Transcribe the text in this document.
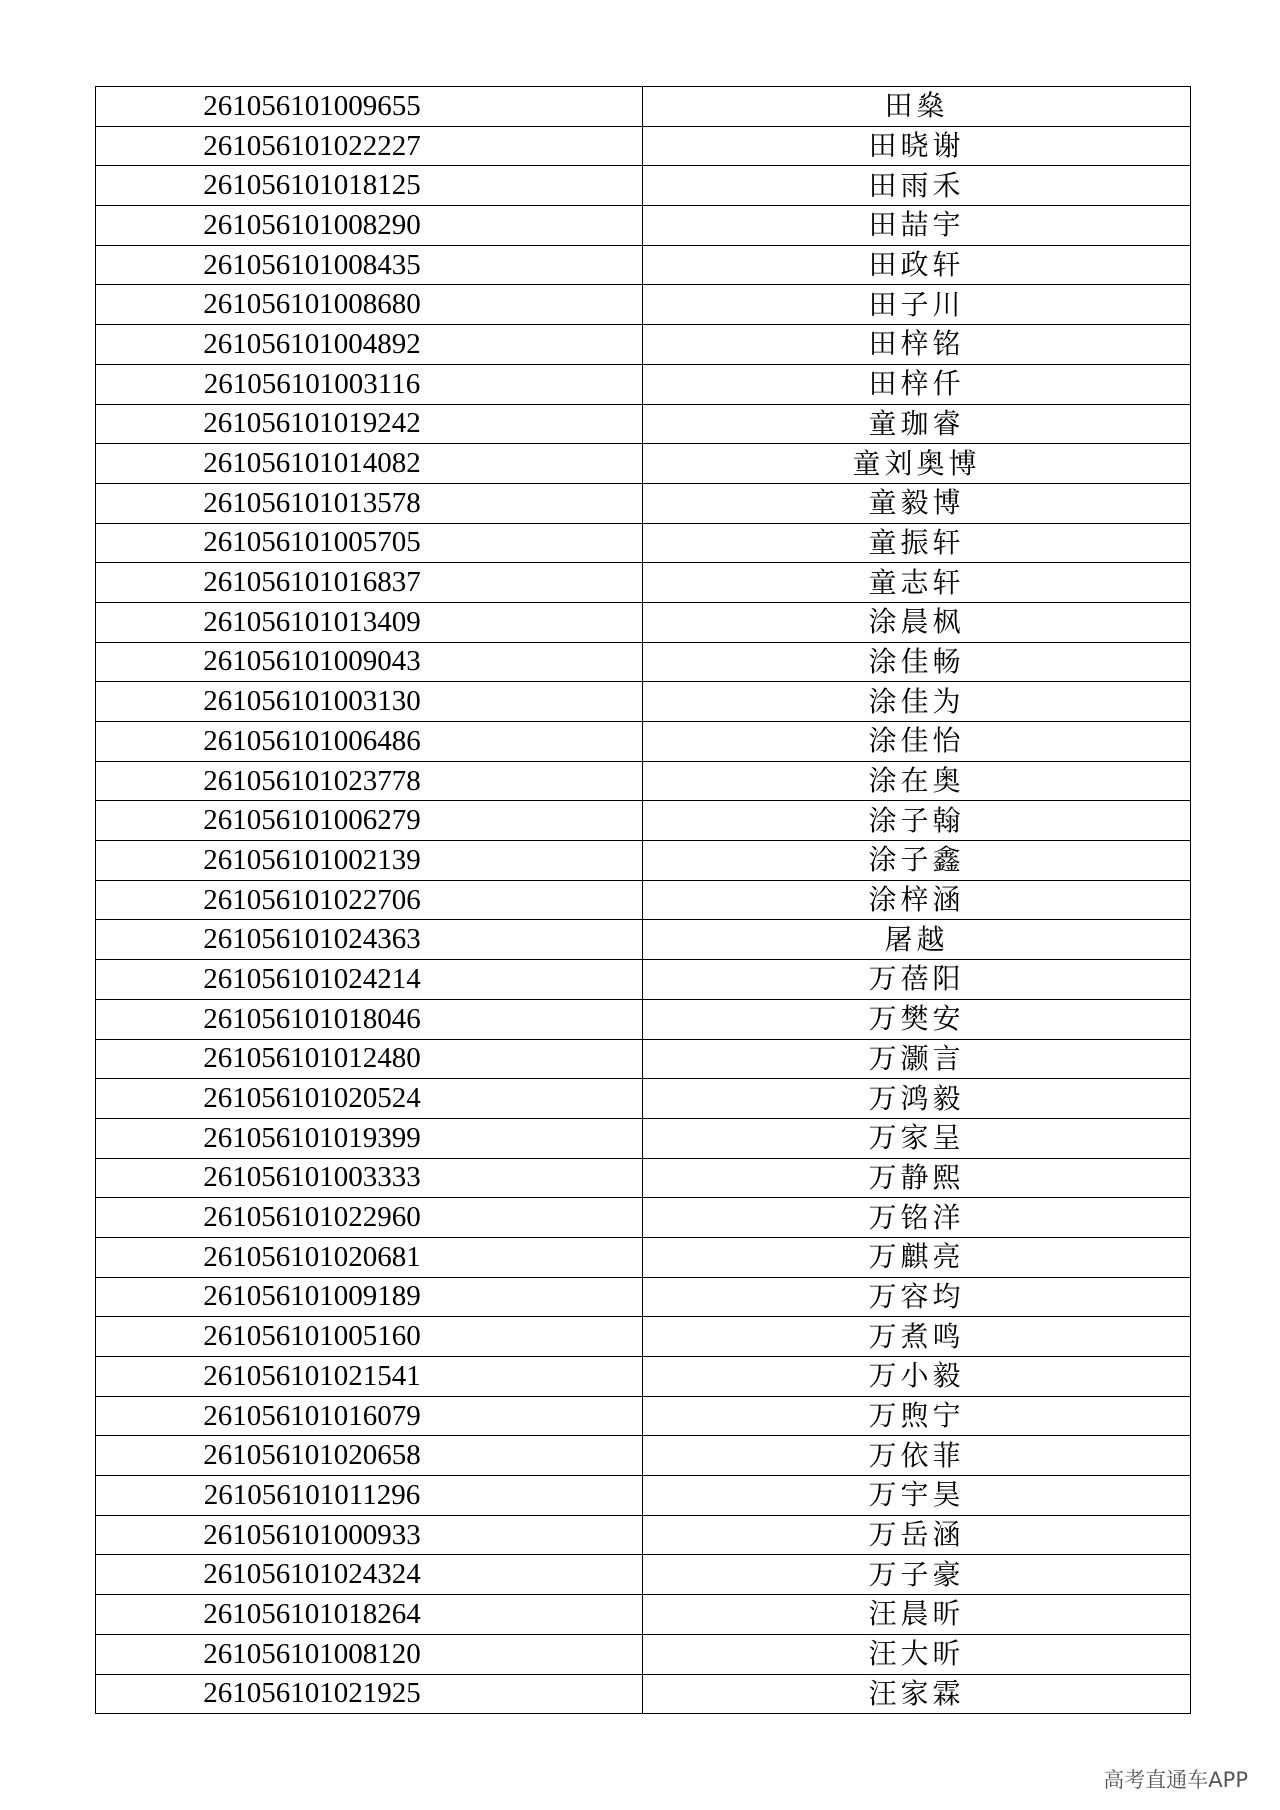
261056101009655	田燊
261056101022227	田晓谢
261056101018125	田雨禾
261056101008290	田喆宇
261056101008435	田政轩
261056101008680	田子川
261056101004892	田梓铭
261056101003116	田梓仟
261056101019242	童珈睿
261056101014082	童刘奥博
261056101013578	童毅博
261056101005705	童振轩
261056101016837	童志轩
261056101013409	涂晨枫
261056101009043	涂佳畅
261056101003130	涂佳为
261056101006486	涂佳怡
261056101023778	涂在奥
261056101006279	涂子翰
261056101002139	涂子鑫
261056101022706	涂梓涵
261056101024363	屠越
261056101024214	万蓓阳
261056101018046	万樊安
261056101012480	万灏言
261056101020524	万鸿毅
261056101019399	万家呈
261056101003333	万静熙
261056101022960	万铭洋
261056101020681	万麒亮
261056101009189	万容均
261056101005160	万煮鸣
261056101021541	万小毅
261056101016079	万煦宁
261056101020658	万依菲
261056101011296	万宇昊
261056101000933	万岳涵
261056101024324	万子豪
261056101018264	汪晨昕
261056101008120	汪大昕
261056101021925	汪家霖
高考直通车APP
